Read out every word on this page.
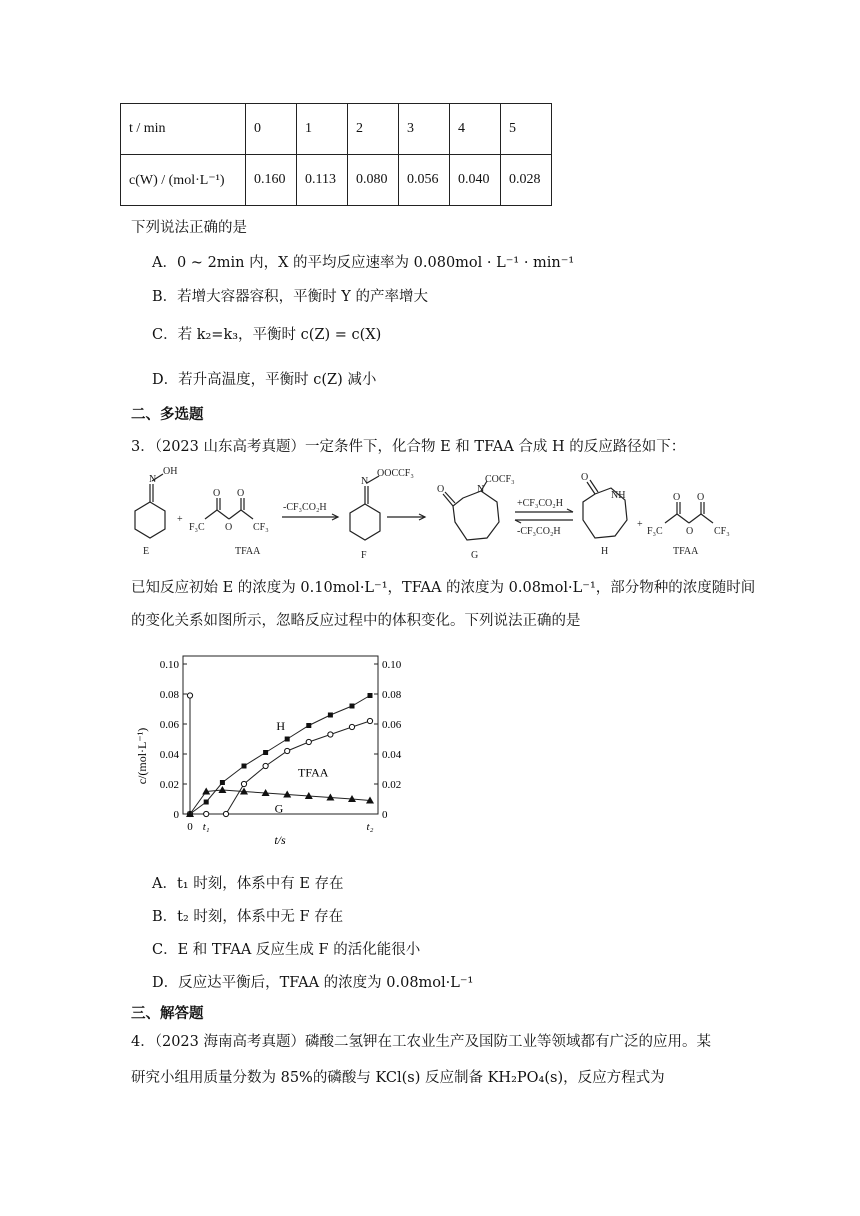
t / min	0	1	2	3	4	5
c(W) / (mol·L⁻¹)	0.160	0.113	0.080	0.056	0.040	0.028
下列说法正确的是
A．0 ~ 2min 内，X 的平均反应速率为 0.080mol · L⁻¹ · min⁻¹
B．若增大容器容积，平衡时 Y 的产率增大
C．若 k₂=k₃，平衡时 c(Z) = c(X)
D．若升高温度，平衡时 c(Z) 减小
二、多选题
3．（2023 山东高考真题）一定条件下，化合物 E 和 TFAA 合成 H 的反应路径如下：
N
OH
E
+
O O
O
F₃C	CF₃
TFAA
-CF₃CO₂H
N
OOCCF₃
F
O	N
COCF₃
G
+CF₃CO₂H
-CF₃CO₂H
O
NH
H
+
O O
O
F₃C	CF₃
TFAA
已知反应初始 E 的浓度为 0.10mol·L⁻¹，TFAA 的浓度为 0.08mol·L⁻¹，部分物种的浓度随时间
的变化关系如图所示，忽略反应过程中的体积变化。下列说法正确的是
0	0
0.02	0.02
0.04	0.04
0.06	0.06
0.08	0.08
0.10	0.10
0 t₁	t₂
H
TFAA
G
c/(mol·L⁻¹)
t/s
A．t₁ 时刻，体系中有 E 存在
B．t₂ 时刻，体系中无 F 存在
C．E 和 TFAA 反应生成 F 的活化能很小
D．反应达平衡后，TFAA 的浓度为 0.08mol·L⁻¹
三、解答题
4．（2023 海南高考真题）磷酸二氢钾在工农业生产及国防工业等领域都有广泛的应用。某
研究小组用质量分数为 85%的磷酸与 KCl(s) 反应制备 KH₂PO₄(s)，反应方程式为
